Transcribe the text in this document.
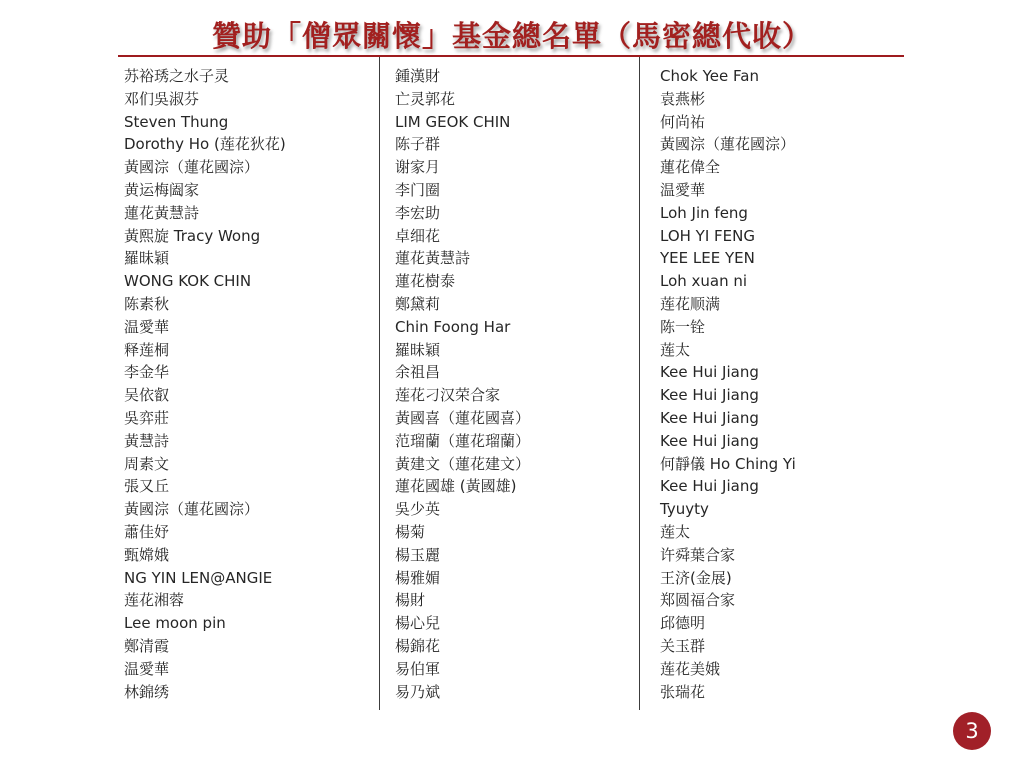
贊助「僧眾關懷」基金總名單（馬密總代收）
苏裕琇之水子灵
邓们吳淑芬
Steven Thung
Dorothy Ho (莲花狄花)
黃國淙（蓮花國淙）
黄运梅阖家
蓮花黃慧詩
黃熙旋 Tracy Wong
羅昧穎
WONG KOK CHIN
陈素秋
温愛華
释莲桐
李金华
吴依叡
吳弈莊
黃慧詩
周素文
張又丘
黃國淙（蓮花國淙）
蕭佳妤
甄嫦娥
NG YIN LEN@ANGIE
莲花湘蓉
Lee moon pin
鄭清霞
温愛華
林錦绣
鍾漢財
亡灵郭花
LIM GEOK CHIN
陈子群
谢家月
李门圈
李宏助
卓细花
蓮花黃慧詩
蓮花樹泰
鄭黛莉
Chin Foong Har
羅昧穎
余祖昌
莲花刁汉荣合家
黃國喜（蓮花國喜）
范瑠蘭（蓮花瑠蘭）
黃建文（蓮花建文）
蓮花國雄 (黃國雄)
吳少英
楊菊
楊玉麗
楊雅媚
楊財
楊心兒
楊錦花
易伯軍
易乃斌
Chok Yee Fan
袁燕彬
何尚祐
黃國淙（蓮花國淙）
蓮花偉全
温愛華
Loh Jin feng
LOH YI FENG
YEE LEE YEN
Loh xuan ni
莲花顺满
陈一铨
莲太
Kee Hui Jiang
Kee Hui Jiang
Kee Hui Jiang
Kee Hui Jiang
何靜儀 Ho Ching Yi
Kee Hui Jiang
Tyuyty
莲太
许舜葉合家
王济(金展)
郑圆福合家
邱德明
关玉群
莲花美娥
张瑞花
3
